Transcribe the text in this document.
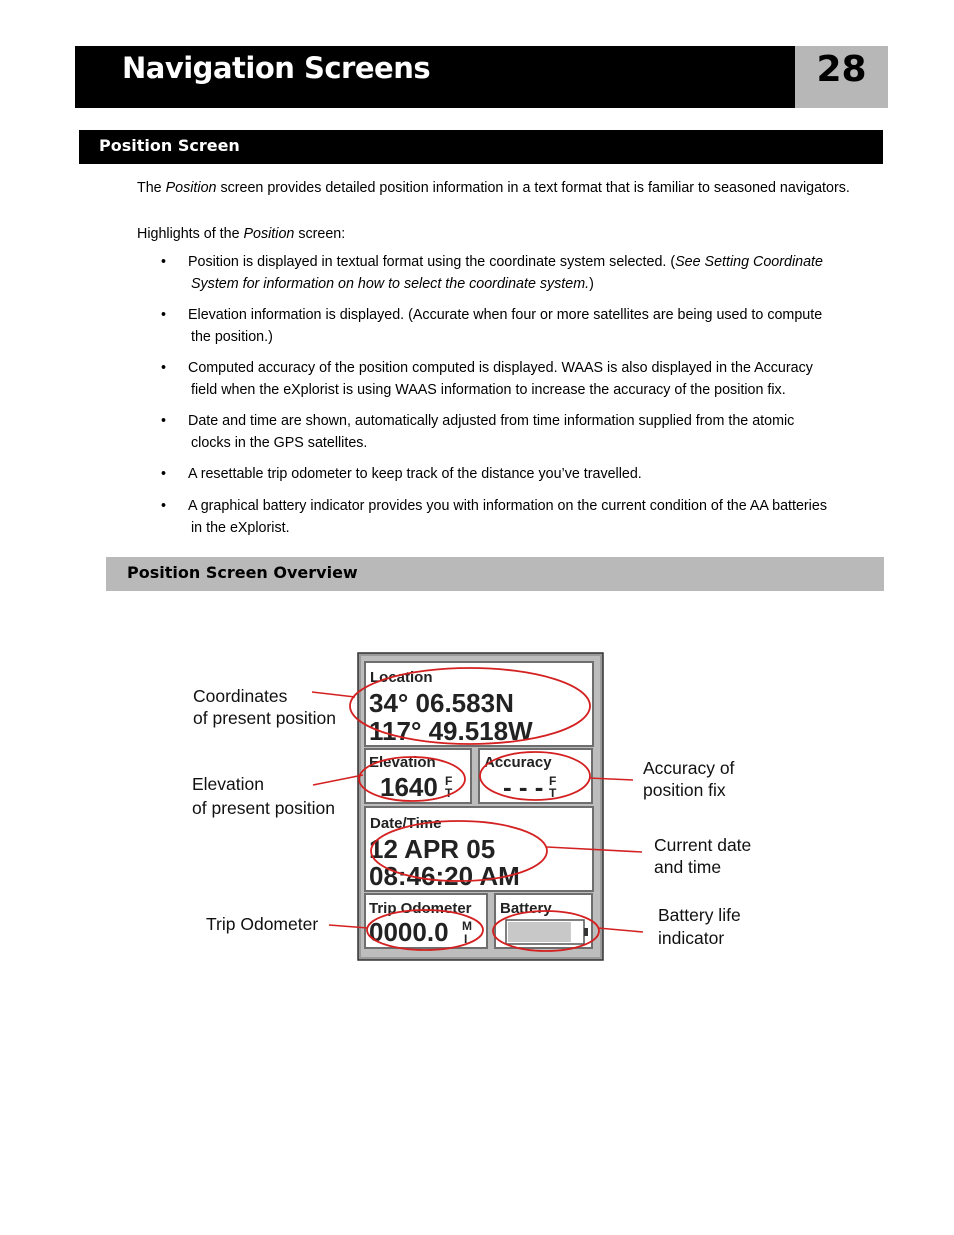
Navigation Screens	28
Position Screen
The Position screen provides detailed position information in a text format that is familiar to seasoned navigators.
Highlights of the Position screen:
• Position is displayed in textual format using the coordinate system selected. (See Setting Coordinate
System for information on how to select the coordinate system.)
• Elevation information is displayed. (Accurate when four or more satellites are being used to compute
the position.)
• Computed accuracy of the position computed is displayed. WAAS is also displayed in the Accuracy
field when the eXplorist is using WAAS information to increase the accuracy of the position fix.
• Date and time are shown, automatically adjusted from time information supplied from the atomic
clocks in the GPS satellites.
• A resettable trip odometer to keep track of the distance you’ve travelled.
• A graphical battery indicator provides you with information on the current condition of the AA batteries
in the eXplorist.
Position Screen Overview
Location
34° 06.583N
117° 49.518W
Elevation
1640 F
T
Accuracy
- - - F
T
Date/Time
12 APR 05
08:46:20 AM
Trip Odometer
0000.0 M
I
Battery
Coordinates
of present position
Elevation
of present position
Trip Odometer
Accuracy of
position fix
Current date
and time
Battery life
indicator
